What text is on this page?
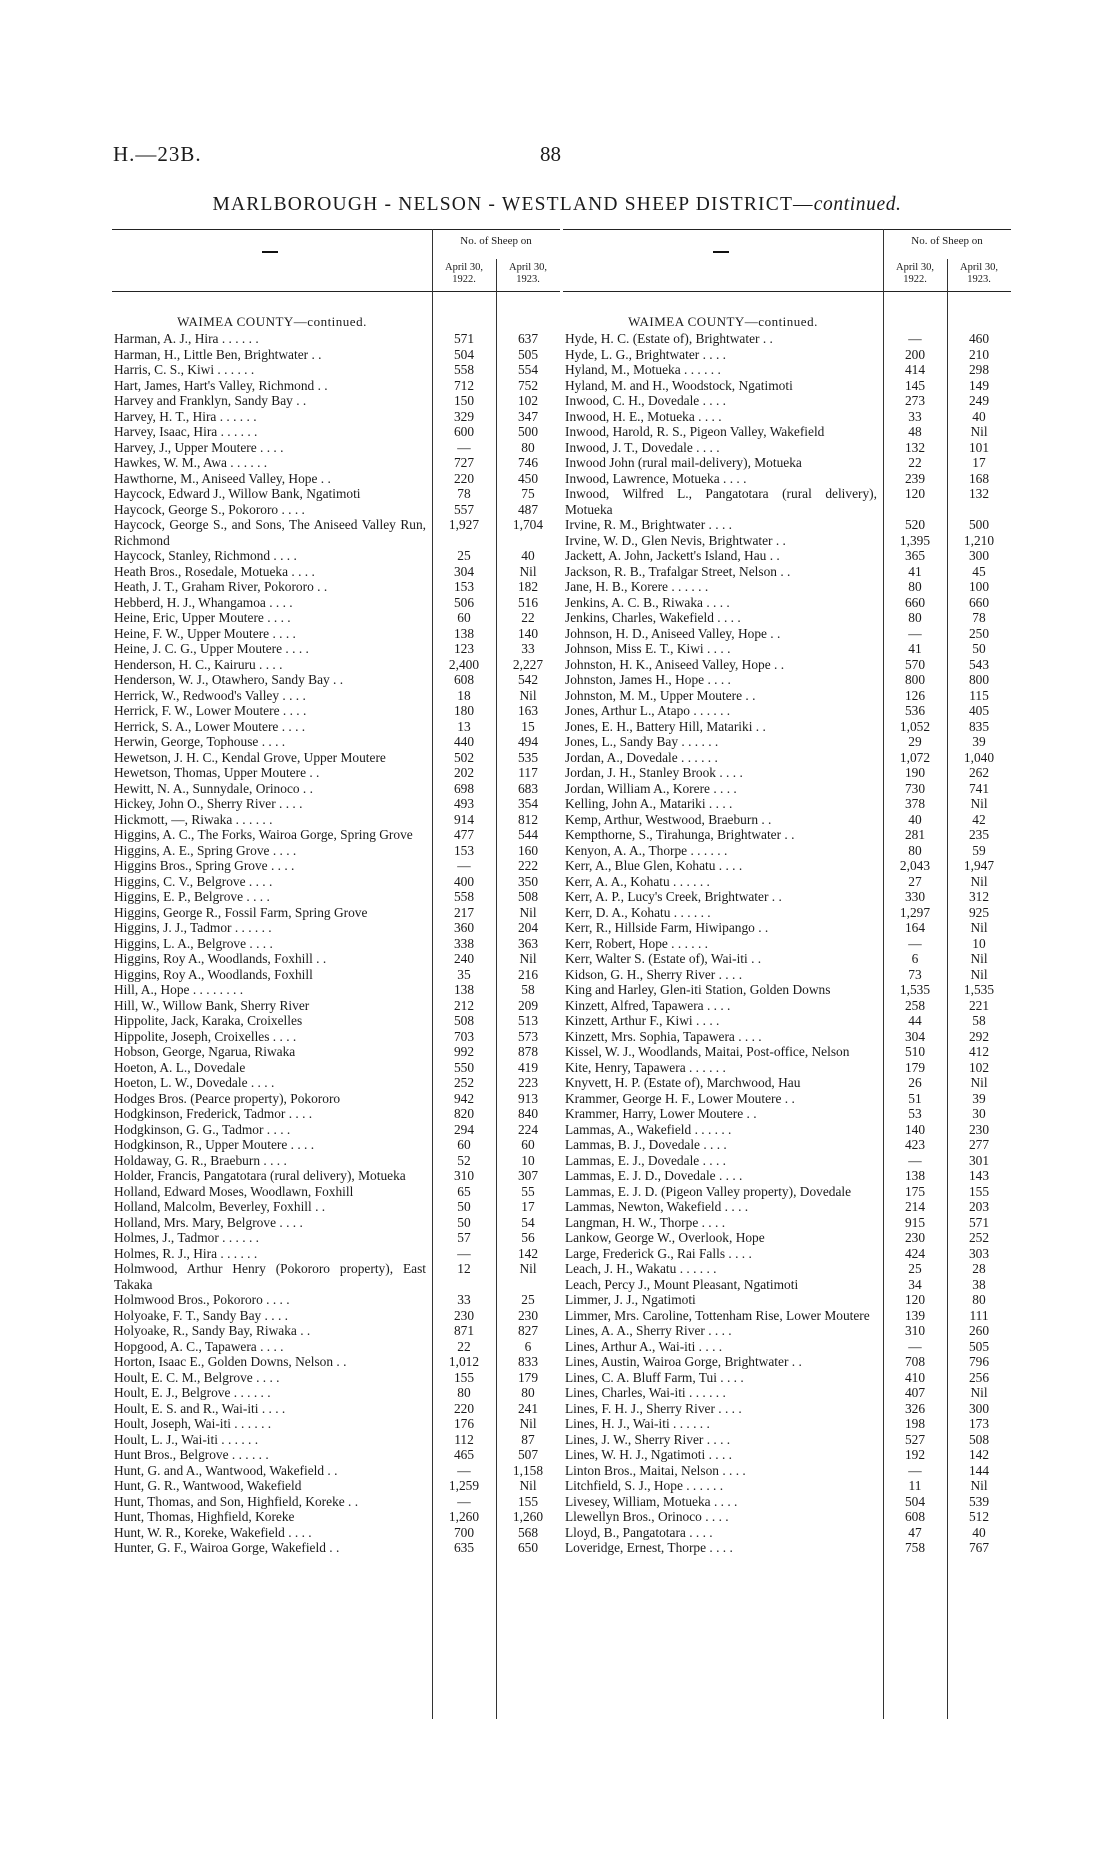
H.—23B.	88
MARLBOROUGH - NELSON - WESTLAND SHEEP DISTRICT—continued.
No. of Sheep on
April 30, 1922.
April 30, 1923.
WAIMEA COUNTY—continued.
Harman, A. J., Hira . . . . . .	571	637
Harman, H., Little Ben, Brightwater . .	504	505
Harris, C. S., Kiwi . . . . . .	558	554
Hart, James, Hart's Valley, Richmond . .	712	752
Harvey and Franklyn, Sandy Bay . .	150	102
Harvey, H. T., Hira . . . . . .	329	347
Harvey, Isaac, Hira . . . . . .	600	500
Harvey, J., Upper Moutere . . . .	—	80
Hawkes, W. M., Awa . . . . . .	727	746
Hawthorne, M., Aniseed Valley, Hope . .	220	450
Haycock, Edward J., Willow Bank, Ngatimoti	78	75
Haycock, George S., Pokororo . . . .	557	487
Haycock, George S., and Sons, The Aniseed Valley Run, Richmond
1,927	1,704
Haycock, Stanley, Richmond . . . .	25	40
Heath Bros., Rosedale, Motueka . . . .	304	Nil
Heath, J. T., Graham River, Pokororo . .	153	182
Hebberd, H. J., Whangamoa . . . .	506	516
Heine, Eric, Upper Moutere . . . .	60	22
Heine, F. W., Upper Moutere . . . .	138	140
Heine, J. C. G., Upper Moutere . . . .	123	33
Henderson, H. C., Kairuru . . . .	2,400	2,227
Henderson, W. J., Otawhero, Sandy Bay . .	608	542
Herrick, W., Redwood's Valley . . . .	18	Nil
Herrick, F. W., Lower Moutere . . . .	180	163
Herrick, S. A., Lower Moutere . . . .	13	15
Herwin, George, Tophouse . . . .	440	494
Hewetson, J. H. C., Kendal Grove, Upper Moutere	502	535
Hewetson, Thomas, Upper Moutere . .	202	117
Hewitt, N. A., Sunnydale, Orinoco . .	698	683
Hickey, John O., Sherry River . . . .	493	354
Hickmott, —, Riwaka . . . . . .	914	812
Higgins, A. C., The Forks, Wairoa Gorge, Spring Grove	477	544
Higgins, A. E., Spring Grove . . . .	153	160
Higgins Bros., Spring Grove . . . .	—	222
Higgins, C. V., Belgrove . . . .	400	350
Higgins, E. P., Belgrove . . . .	558	508
Higgins, George R., Fossil Farm, Spring Grove	217	Nil
Higgins, J. J., Tadmor . . . . . .	360	204
Higgins, L. A., Belgrove . . . .	338	363
Higgins, Roy A., Woodlands, Foxhill . .	240	Nil
Higgins, Roy A., Woodlands, Foxhill	35	216
Hill, A., Hope . . . . . . . .	138	58
Hill, W., Willow Bank, Sherry River	212	209
Hippolite, Jack, Karaka, Croixelles	508	513
Hippolite, Joseph, Croixelles . . . .	703	573
Hobson, George, Ngarua, Riwaka	992	878
Hoeton, A. L., Dovedale	550	419
Hoeton, L. W., Dovedale . . . .	252	223
Hodges Bros. (Pearce property), Pokororo	942	913
Hodgkinson, Frederick, Tadmor . . . .	820	840
Hodgkinson, G. G., Tadmor . . . .	294	224
Hodgkinson, R., Upper Moutere . . . .	60	60
Holdaway, G. R., Braeburn . . . .	52	10
Holder, Francis, Pangatotara (rural delivery), Motueka	310	307
Holland, Edward Moses, Woodlawn, Foxhill	65	55
Holland, Malcolm, Beverley, Foxhill . .	50	17
Holland, Mrs. Mary, Belgrove . . . .	50	54
Holmes, J., Tadmor . . . . . .	57	56
Holmes, R. J., Hira . . . . . .	—	142
Holmwood, Arthur Henry (Pokororo property), East Takaka
12	Nil
Holmwood Bros., Pokororo . . . .	33	25
Holyoake, F. T., Sandy Bay . . . .	230	230
Holyoake, R., Sandy Bay, Riwaka . .	871	827
Hopgood, A. C., Tapawera . . . .	22	6
Horton, Isaac E., Golden Downs, Nelson . .	1,012	833
Hoult, E. C. M., Belgrove . . . .	155	179
Hoult, E. J., Belgrove . . . . . .	80	80
Hoult, E. S. and R., Wai-iti . . . .	220	241
Hoult, Joseph, Wai-iti . . . . . .	176	Nil
Hoult, L. J., Wai-iti . . . . . .	112	87
Hunt Bros., Belgrove . . . . . .	465	507
Hunt, G. and A., Wantwood, Wakefield . .	—	1,158
Hunt, G. R., Wantwood, Wakefield	1,259	Nil
Hunt, Thomas, and Son, Highfield, Koreke . .	—	155
Hunt, Thomas, Highfield, Koreke	1,260	1,260
Hunt, W. R., Koreke, Wakefield . . . .	700	568
Hunter, G. F., Wairoa Gorge, Wakefield . .	635	650
No. of Sheep on
April 30, 1922.
April 30, 1923.
WAIMEA COUNTY—continued.
Hyde, H. C. (Estate of), Brightwater . .	—	460
Hyde, L. G., Brightwater . . . .	200	210
Hyland, M., Motueka . . . . . .	414	298
Hyland, M. and H., Woodstock, Ngatimoti	145	149
Inwood, C. H., Dovedale . . . .	273	249
Inwood, H. E., Motueka . . . .	33	40
Inwood, Harold, R. S., Pigeon Valley, Wakefield	48	Nil
Inwood, J. T., Dovedale . . . .	132	101
Inwood John (rural mail-delivery), Motueka	22	17
Inwood, Lawrence, Motueka . . . .	239	168
Inwood, Wilfred L., Pangatotara (rural delivery), Motueka
120	132
Irvine, R. M., Brightwater . . . .	520	500
Irvine, W. D., Glen Nevis, Brightwater . .	1,395	1,210
Jackett, A. John, Jackett's Island, Hau . .	365	300
Jackson, R. B., Trafalgar Street, Nelson . .	41	45
Jane, H. B., Korere . . . . . .	80	100
Jenkins, A. C. B., Riwaka . . . .	660	660
Jenkins, Charles, Wakefield . . . .	80	78
Johnson, H. D., Aniseed Valley, Hope . .	—	250
Johnson, Miss E. T., Kiwi . . . .	41	50
Johnston, H. K., Aniseed Valley, Hope . .	570	543
Johnston, James H., Hope . . . .	800	800
Johnston, M. M., Upper Moutere . .	126	115
Jones, Arthur L., Atapo . . . . . .	536	405
Jones, E. H., Battery Hill, Matariki . .	1,052	835
Jones, L., Sandy Bay . . . . . .	29	39
Jordan, A., Dovedale . . . . . .	1,072	1,040
Jordan, J. H., Stanley Brook . . . .	190	262
Jordan, William A., Korere . . . .	730	741
Kelling, John A., Matariki . . . .	378	Nil
Kemp, Arthur, Westwood, Braeburn . .	40	42
Kempthorne, S., Tirahunga, Brightwater . .	281	235
Kenyon, A. A., Thorpe . . . . . .	80	59
Kerr, A., Blue Glen, Kohatu . . . .	2,043	1,947
Kerr, A. A., Kohatu . . . . . .	27	Nil
Kerr, A. P., Lucy's Creek, Brightwater . .	330	312
Kerr, D. A., Kohatu . . . . . .	1,297	925
Kerr, R., Hillside Farm, Hiwipango . .	164	Nil
Kerr, Robert, Hope . . . . . .	—	10
Kerr, Walter S. (Estate of), Wai-iti . .	6	Nil
Kidson, G. H., Sherry River . . . .	73	Nil
King and Harley, Glen-iti Station, Golden Downs	1,535	1,535
Kinzett, Alfred, Tapawera . . . .	258	221
Kinzett, Arthur F., Kiwi . . . .	44	58
Kinzett, Mrs. Sophia, Tapawera . . . .	304	292
Kissel, W. J., Woodlands, Maitai, Post-office, Nelson	510	412
Kite, Henry, Tapawera . . . . . .	179	102
Knyvett, H. P. (Estate of), Marchwood, Hau	26	Nil
Krammer, George H. F., Lower Moutere . .	51	39
Krammer, Harry, Lower Moutere . .	53	30
Lammas, A., Wakefield . . . . . .	140	230
Lammas, B. J., Dovedale . . . .	423	277
Lammas, E. J., Dovedale . . . .	—	301
Lammas, E. J. D., Dovedale . . . .	138	143
Lammas, E. J. D. (Pigeon Valley property), Dovedale	175	155
Lammas, Newton, Wakefield . . . .	214	203
Langman, H. W., Thorpe . . . .	915	571
Lankow, George W., Overlook, Hope	230	252
Large, Frederick G., Rai Falls . . . .	424	303
Leach, J. H., Wakatu . . . . . .	25	28
Leach, Percy J., Mount Pleasant, Ngatimoti	34	38
Limmer, J. J., Ngatimoti	120	80
Limmer, Mrs. Caroline, Tottenham Rise, Lower Moutere	139	111
Lines, A. A., Sherry River . . . .	310	260
Lines, Arthur A., Wai-iti . . . .	—	505
Lines, Austin, Wairoa Gorge, Brightwater . .	708	796
Lines, C. A. Bluff Farm, Tui . . . .	410	256
Lines, Charles, Wai-iti . . . . . .	407	Nil
Lines, F. H. J., Sherry River . . . .	326	300
Lines, H. J., Wai-iti . . . . . .	198	173
Lines, J. W., Sherry River . . . .	527	508
Lines, W. H. J., Ngatimoti . . . .	192	142
Linton Bros., Maitai, Nelson . . . .	—	144
Litchfield, S. J., Hope . . . . . .	11	Nil
Livesey, William, Motueka . . . .	504	539
Llewellyn Bros., Orinoco . . . .	608	512
Lloyd, B., Pangatotara . . . .	47	40
Loveridge, Ernest, Thorpe . . . .	758	767
